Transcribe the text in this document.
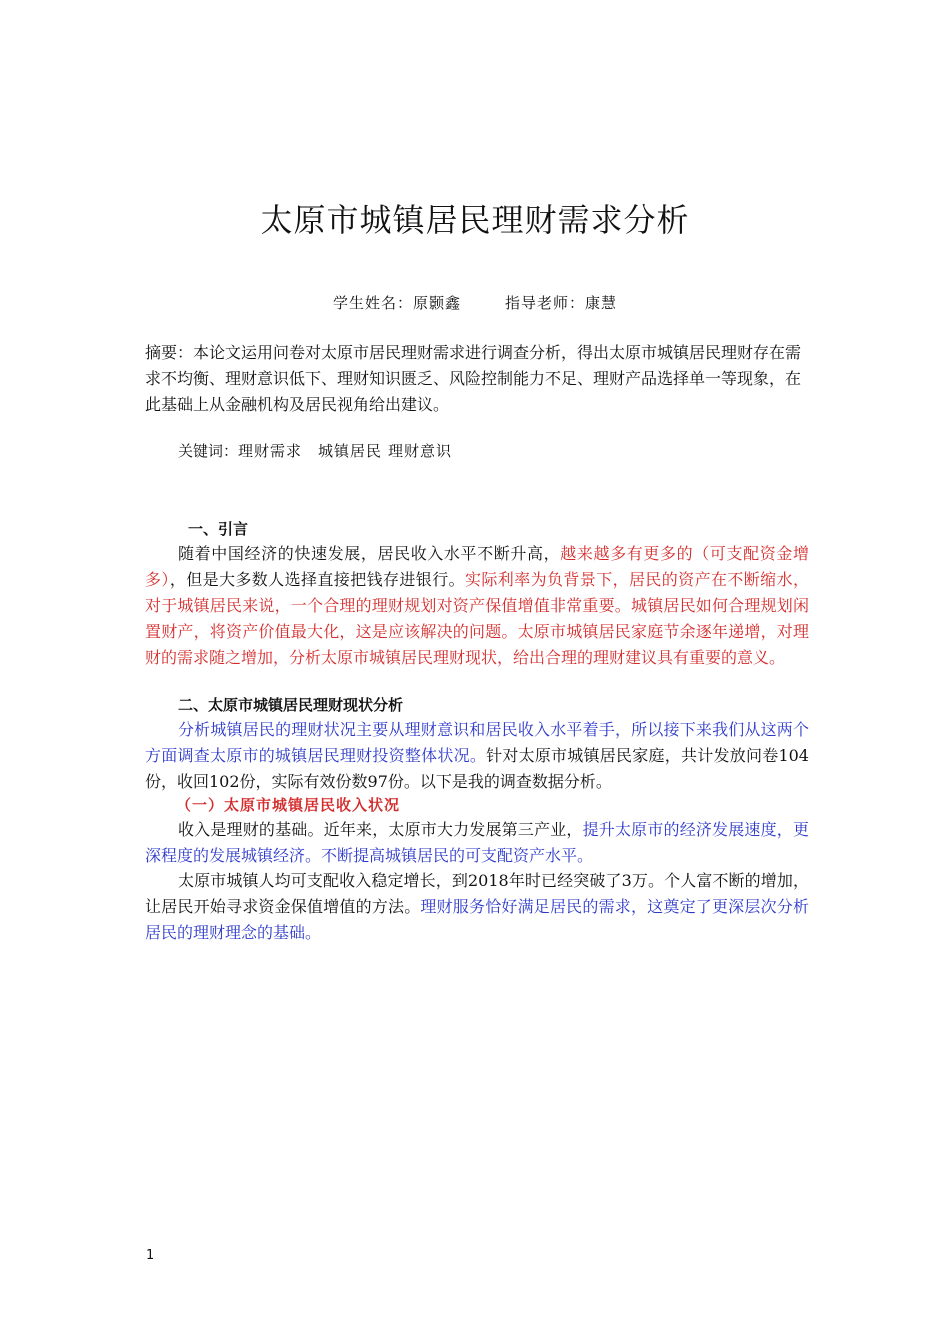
太原市城镇居民理财需求分析
学生姓名：原颢鑫	指导老师：康慧

摘要：本论文运用问卷对太原市居民理财需求进行调查分析，得出太原市城镇居民理财存在需求不均衡、理财意识低下、理财知识匮乏、风险控制能力不足、理财产品选择单一等现象，在此基础上从金融机构及居民视角给出建议。

关键词：理财需求 城镇居民 理财意识
一、引言

随着中国经济的快速发展，居民收入水平不断升高，越来越多有更多的（可支配资金增多），但是大多数人选择直接把钱存进银行。实际利率为负背景下，居民的资产在不断缩水，对于城镇居民来说，一个合理的理财规划对资产保值增值非常重要。城镇居民如何合理规划闲置财产，将资产价值最大化，这是应该解决的问题。太原市城镇居民家庭节余逐年递增，对理财的需求随之增加，分析太原市城镇居民理财现状，给出合理的理财建议具有重要的意义。

二、太原市城镇居民理财现状分析

分析城镇居民的理财状况主要从理财意识和居民收入水平着手，所以接下来我们从这两个方面调查太原市的城镇居民理财投资整体状况。针对太原市城镇居民家庭，共计发放问卷104份，收回102份，实际有效份数97份。以下是我的调查数据分析。

（一）太原市城镇居民收入状况

收入是理财的基础。近年来，太原市大力发展第三产业，提升太原市的经济发展速度，更深程度的发展城镇经济。不断提高城镇居民的可支配资产水平。

太原市城镇人均可支配收入稳定增长，到2018年时已经突破了3万。个人富不断的增加，让居民开始寻求资金保值增值的方法。理财服务恰好满足居民的需求，这奠定了更深层次分析居民的理财理念的基础。

1
